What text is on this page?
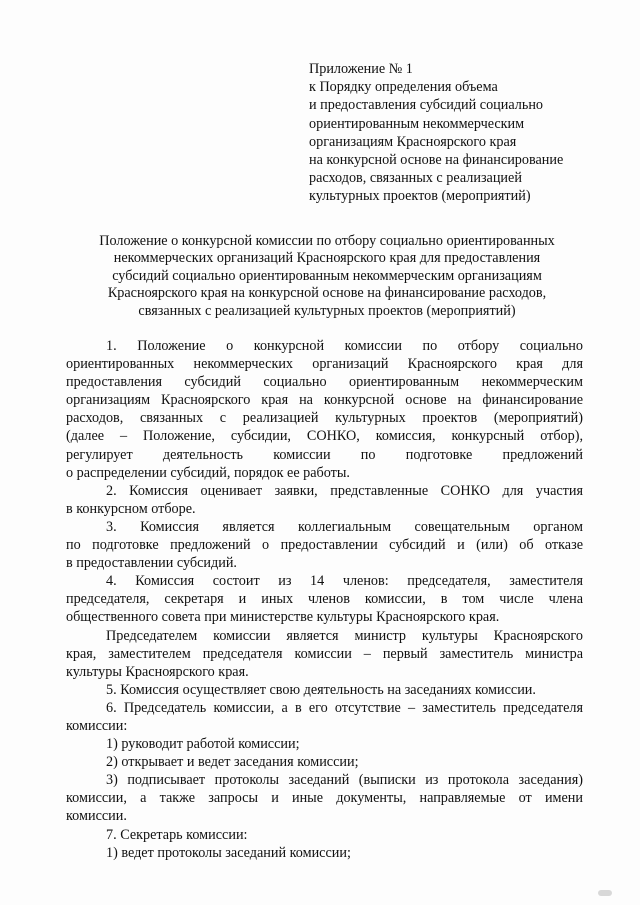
Приложение № 1
к Порядку определения объема
и предоставления субсидий социально
ориентированным некоммерческим
организациям Красноярского края
на конкурсной основе на финансирование
расходов, связанных с реализацией
культурных проектов (мероприятий)
Положение о конкурсной комиссии по отбору социально ориентированных
некоммерческих организаций Красноярского края для предоставления
субсидий социально ориентированным некоммерческим организациям
Красноярского края на конкурсной основе на финансирование расходов,
связанных с реализацией культурных проектов (мероприятий)
1. Положение о конкурсной комиссии по отбору социально
ориентированных некоммерческих организаций Красноярского края для
предоставления субсидий социально ориентированным некоммерческим
организациям Красноярского края на конкурсной основе на финансирование
расходов, связанных с реализацией культурных проектов (мероприятий)
(далее – Положение, субсидии, СОНКО, комиссия, конкурсный отбор),
регулирует деятельность комиссии по подготовке предложений
о распределении субсидий, порядок ее работы.
2. Комиссия оценивает заявки, представленные СОНКО для участия
в конкурсном отборе.
3. Комиссия является коллегиальным совещательным органом
по подготовке предложений о предоставлении субсидий и (или) об отказе
в предоставлении субсидий.
4. Комиссия состоит из 14 членов: председателя, заместителя
председателя, секретаря и иных членов комиссии, в том числе члена
общественного совета при министерстве культуры Красноярского края.
Председателем комиссии является министр культуры Красноярского
края, заместителем председателя комиссии – первый заместитель министра
культуры Красноярского края.
5. Комиссия осуществляет свою деятельность на заседаниях комиссии.
6. Председатель комиссии, а в его отсутствие – заместитель председателя
комиссии:
1) руководит работой комиссии;
2) открывает и ведет заседания комиссии;
3) подписывает протоколы заседаний (выписки из протокола заседания)
комиссии, а также запросы и иные документы, направляемые от имени
комиссии.
7. Секретарь комиссии:
1) ведет протоколы заседаний комиссии;
